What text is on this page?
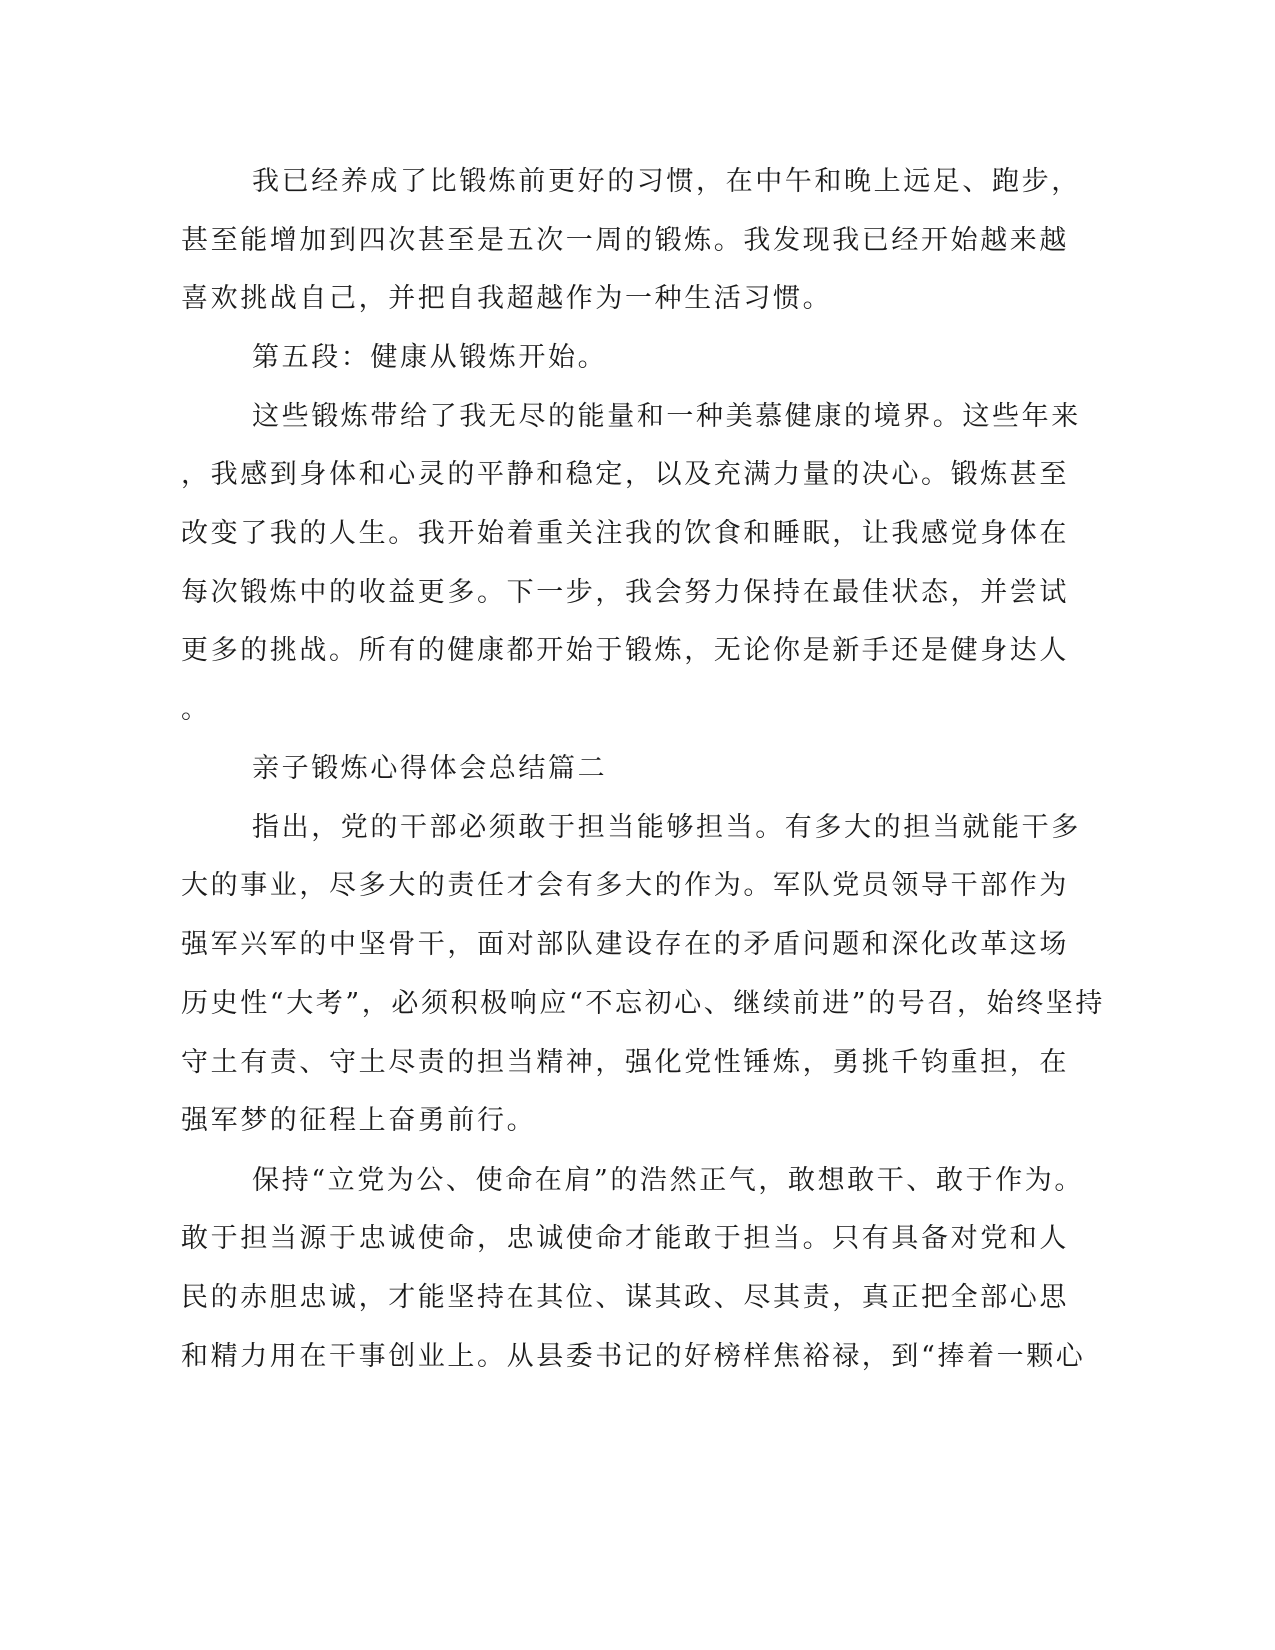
我已经养成了比锻炼前更好的习惯，在中午和晚上远足、跑步，
甚至能增加到四次甚至是五次一周的锻炼。我发现我已经开始越来越
喜欢挑战自己，并把自我超越作为一种生活习惯。
第五段：健康从锻炼开始。
这些锻炼带给了我无尽的能量和一种美慕健康的境界。这些年来
，我感到身体和心灵的平静和稳定，以及充满力量的决心。锻炼甚至
改变了我的人生。我开始着重关注我的饮食和睡眠，让我感觉身体在
每次锻炼中的收益更多。下一步，我会努力保持在最佳状态，并尝试
更多的挑战。所有的健康都开始于锻炼，无论你是新手还是健身达人
。
亲子锻炼心得体会总结篇二
指出，党的干部必须敢于担当能够担当。有多大的担当就能干多
大的事业，尽多大的责任才会有多大的作为。军队党员领导干部作为
强军兴军的中坚骨干，面对部队建设存在的矛盾问题和深化改革这场
历史性“大考”，必须积极响应“不忘初心、继续前进”的号召，始终坚持
守土有责、守土尽责的担当精神，强化党性锤炼，勇挑千钧重担，在
强军梦的征程上奋勇前行。
保持“立党为公、使命在肩”的浩然正气，敢想敢干、敢于作为。
敢于担当源于忠诚使命，忠诚使命才能敢于担当。只有具备对党和人
民的赤胆忠诚，才能坚持在其位、谋其政、尽其责，真正把全部心思
和精力用在干事创业上。从县委书记的好榜样焦裕禄，到“捧着一颗心
